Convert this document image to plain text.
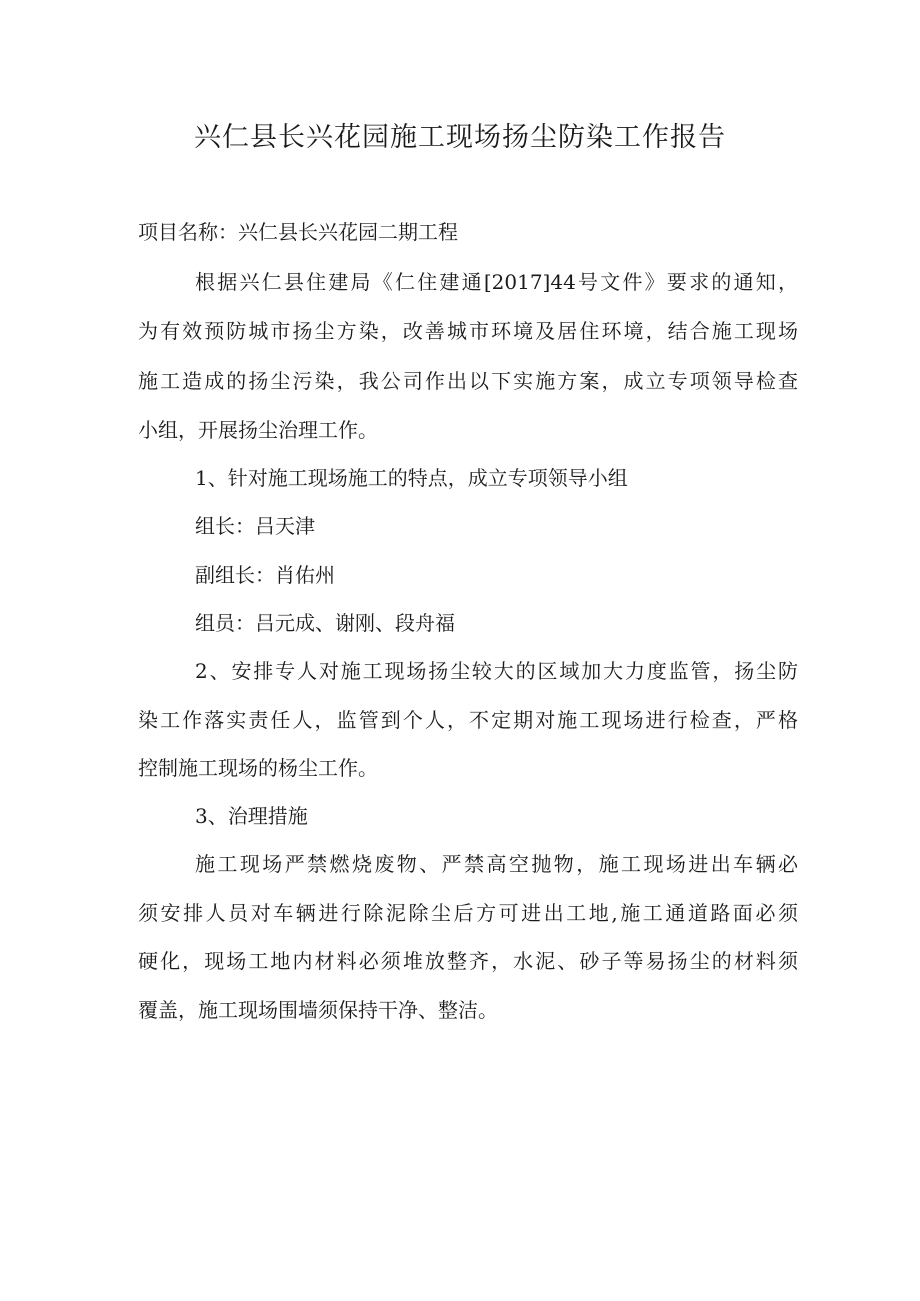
兴仁县长兴花园施工现场扬尘防染工作报告
项目名称：兴仁县长兴花园二期工程
根据兴仁县住建局《仁住建通[2017]44号文件》要求的通知，
为有效预防城市扬尘方染，改善城市环境及居住环境，结合施工现场
施工造成的扬尘污染，我公司作出以下实施方案，成立专项领导检查
小组，开展扬尘治理工作。
1、针对施工现场施工的特点，成立专项领导小组
组长：吕天津
副组长：肖佑州
组员：吕元成、谢刚、段舟福
2、安排专人对施工现场扬尘较大的区域加大力度监管，扬尘防
染工作落实责任人，监管到个人，不定期对施工现场进行检查，严格
控制施工现场的杨尘工作。
3、治理措施
施工现场严禁燃烧废物、严禁高空抛物，施工现场进出车辆必
须安排人员对车辆进行除泥除尘后方可进出工地,施工通道路面必须
硬化，现场工地内材料必须堆放整齐，水泥、砂子等易扬尘的材料须
覆盖，施工现场围墙须保持干净、整洁。
